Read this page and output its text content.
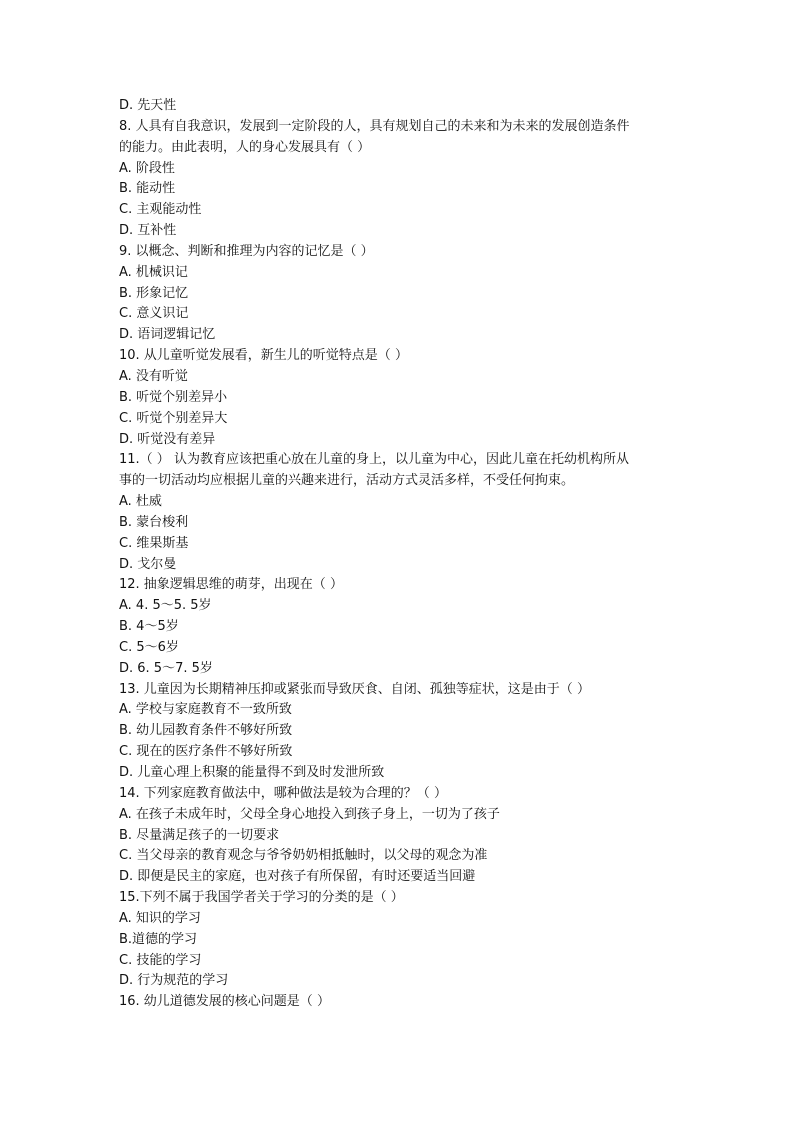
D. 先天性
8. 人具有自我意识，发展到一定阶段的人，具有规划自己的未来和为未来的发展创造条件
的能力。由此表明，人的身心发展具有（ ）
A. 阶段性
B. 能动性
C. 主观能动性
D. 互补性
9. 以概念、判断和推理为内容的记忆是（ ）
A. 机械识记
B. 形象记忆
C. 意义识记
D. 语词逻辑记忆
10. 从儿童听觉发展看，新生儿的听觉特点是（ ）
A. 没有听觉
B. 听觉个别差异小
C. 听觉个别差异大
D. 听觉没有差异
11.（ ） 认为教育应该把重心放在儿童的身上，以儿童为中心，因此儿童在托幼机构所从
事的一切活动均应根据儿童的兴趣来进行，活动方式灵活多样，不受任何拘束。
A. 杜威
B. 蒙台梭利
C. 维果斯基
D. 戈尔曼
12. 抽象逻辑思维的萌芽，出现在（ ）
A. 4. 5～5. 5岁
B. 4～5岁
C. 5～6岁
D. 6. 5～7. 5岁
13. 儿童因为长期精神压抑或紧张而导致厌食、自闭、孤独等症状，这是由于（ ）
A. 学校与家庭教育不一致所致
B. 幼儿园教育条件不够好所致
C. 现在的医疗条件不够好所致
D. 儿童心理上积聚的能量得不到及时发泄所致
14. 下列家庭教育做法中，哪种做法是较为合理的？（ ）
A. 在孩子未成年时，父母全身心地投入到孩子身上，一切为了孩子
B. 尽量满足孩子的一切要求
C. 当父母亲的教育观念与爷爷奶奶相抵触时，以父母的观念为准
D. 即便是民主的家庭，也对孩子有所保留，有时还要适当回避
15.下列不属于我国学者关于学习的分类的是（ ）
A. 知识的学习
B.道德的学习
C. 技能的学习
D. 行为规范的学习
16. 幼儿道德发展的核心问题是（ ）
